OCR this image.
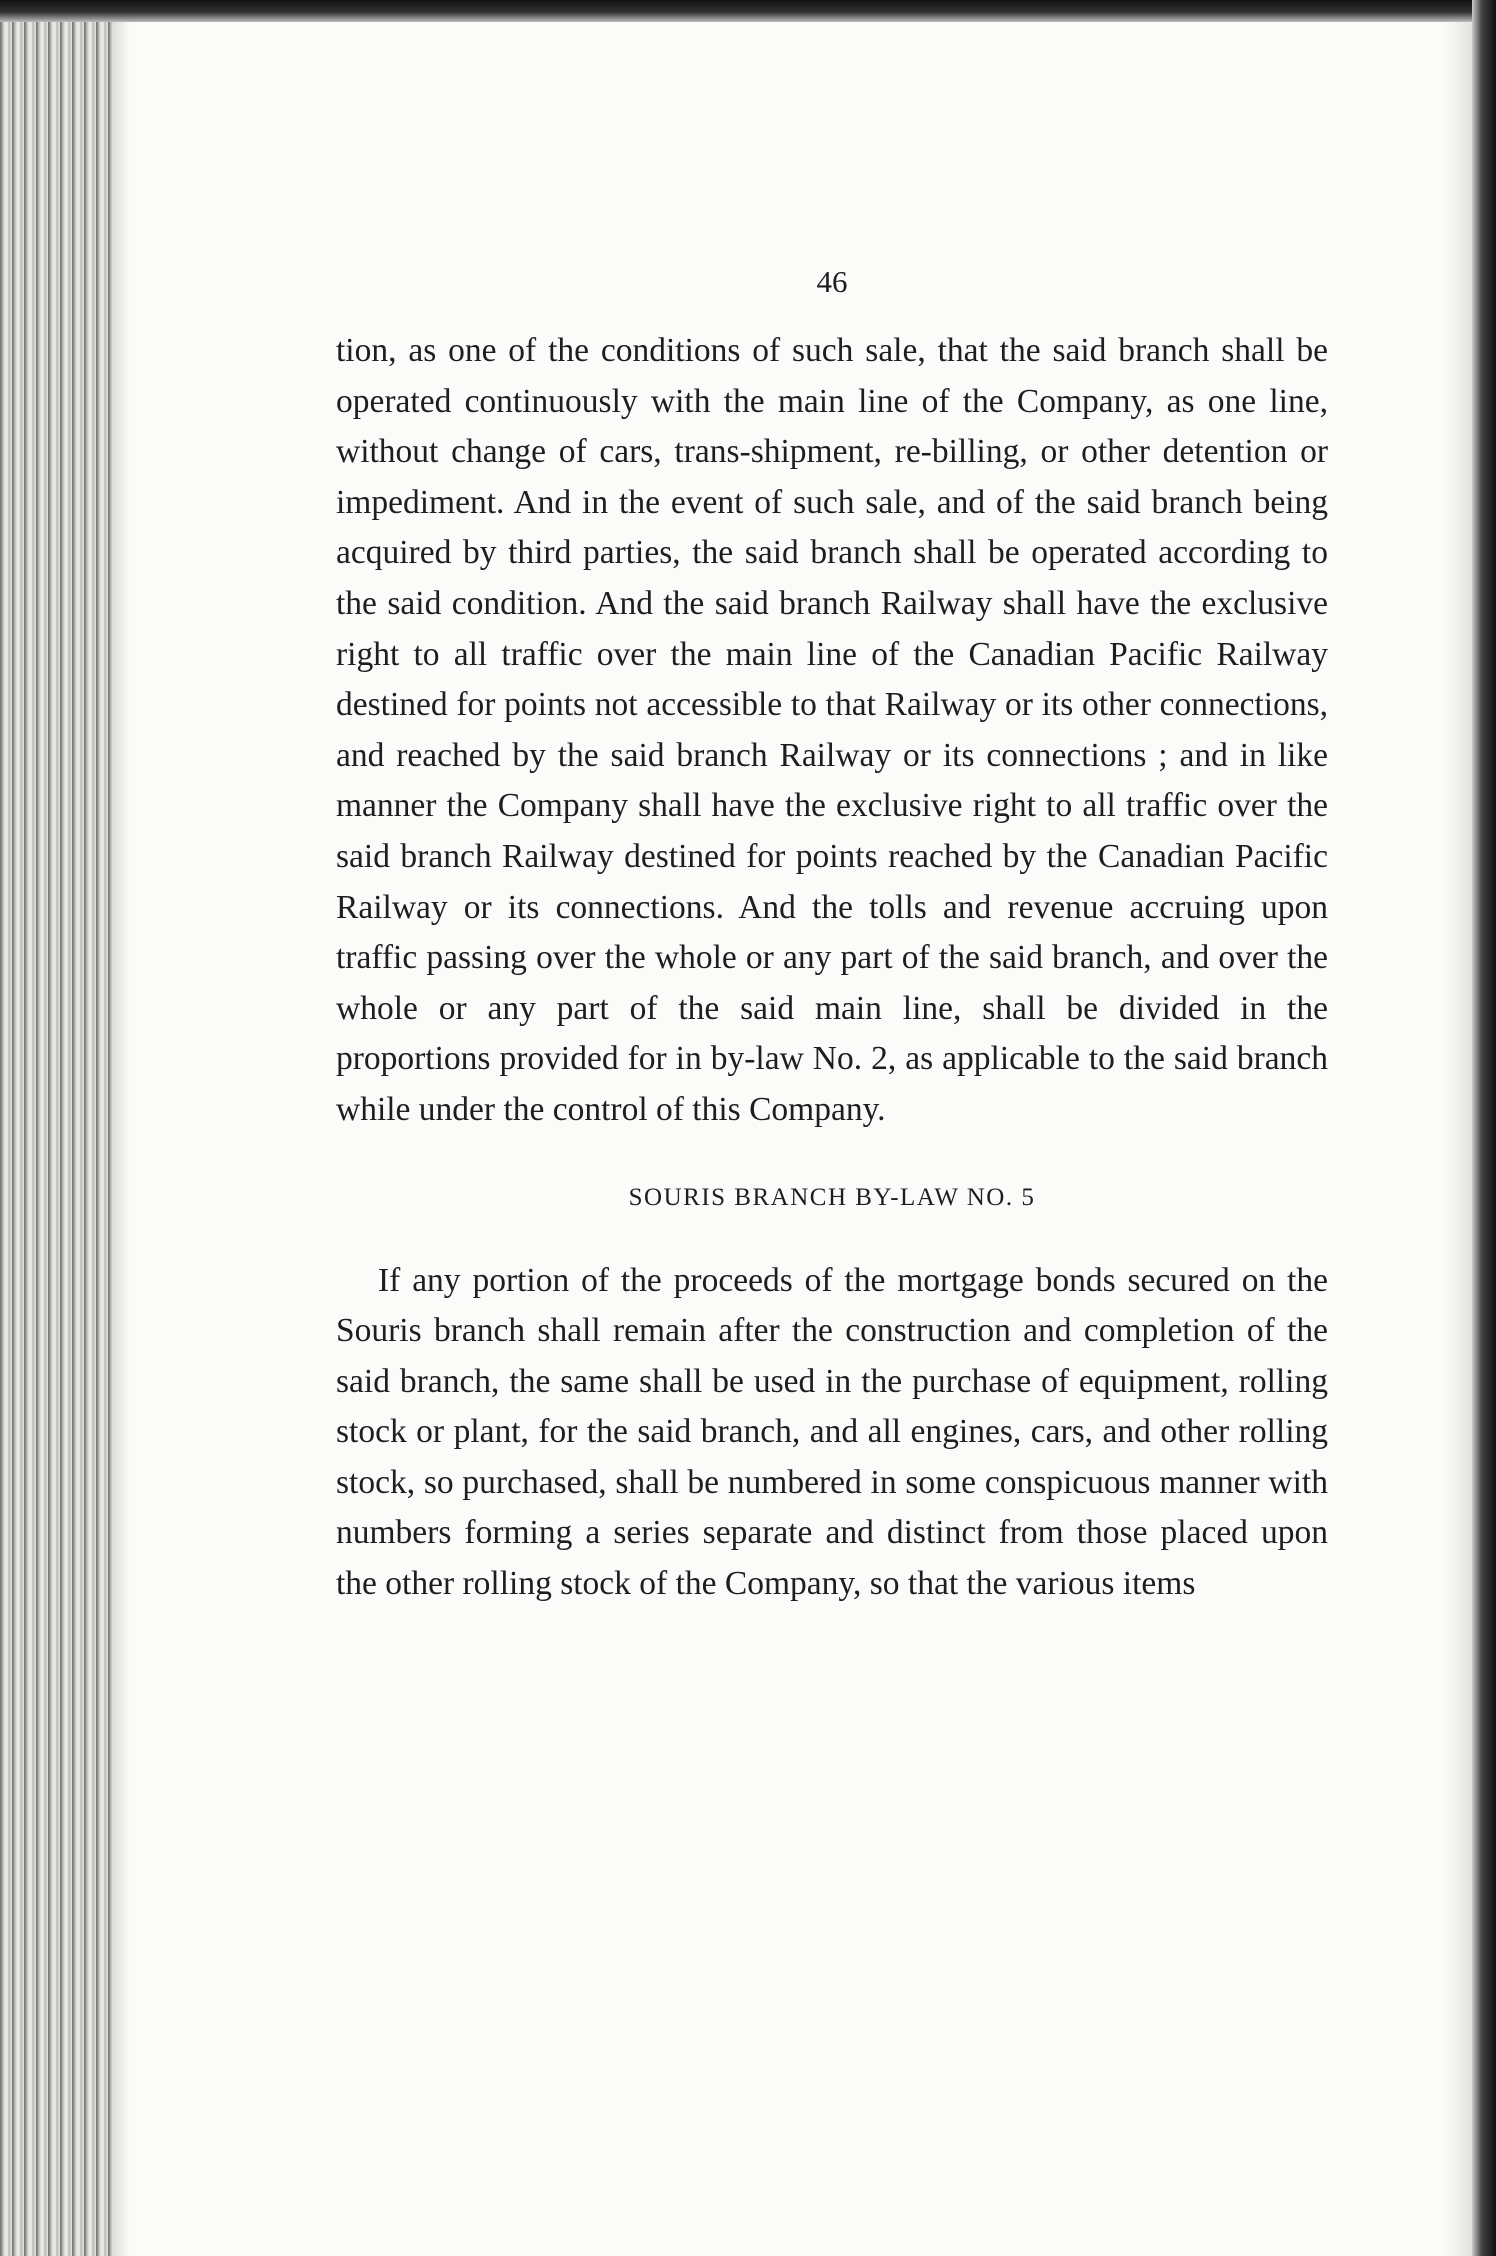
46

tion, as one of the conditions of such sale, that the said branch shall be operated continuously with the main line of the Company, as one line, without change of cars, trans-shipment, re-billing, or other detention or impediment. And in the event of such sale, and of the said branch being acquired by third parties, the said branch shall be operated according to the said condition. And the said branch Railway shall have the exclusive right to all traffic over the main line of the Canadian Pacific Railway destined for points not accessible to that Railway or its other connections, and reached by the said branch Railway or its connections ; and in like manner the Company shall have the exclusive right to all traffic over the said branch Railway destined for points reached by the Canadian Pacific Railway or its connections. And the tolls and revenue accruing upon traffic passing over the whole or any part of the said branch, and over the whole or any part of the said main line, shall be divided in the proportions provided for in by-law No. 2, as applicable to the said branch while under the control of this Company.

SOURIS BRANCH BY-LAW NO. 5

If any portion of the proceeds of the mortgage bonds secured on the Souris branch shall remain after the construction and completion of the said branch, the same shall be used in the purchase of equipment, rolling stock or plant, for the said branch, and all engines, cars, and other rolling stock, so purchased, shall be numbered in some conspicuous manner with numbers forming a series separate and distinct from those placed upon the other rolling stock of the Company, so that the various items
